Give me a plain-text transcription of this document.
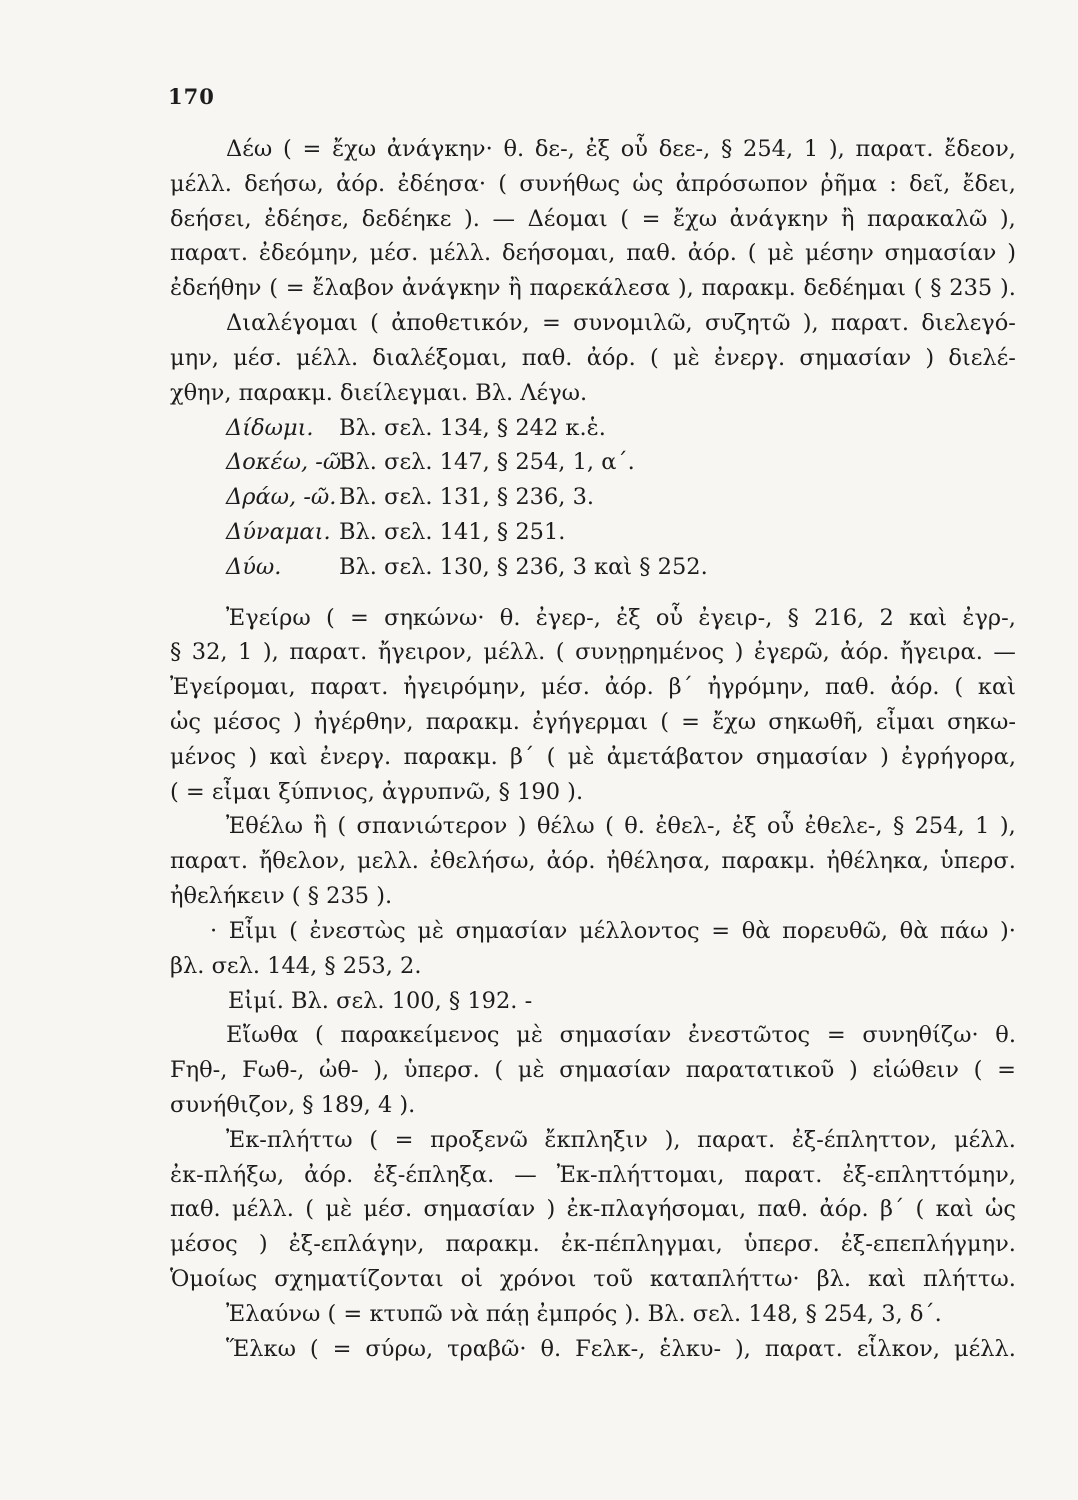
170
Δέω ( = ἔχω ἀνάγκην· θ. δε-, ἐξ οὗ δεε-, § 254, 1 ), παρατ. ἔδεον,
μέλλ. δεήσω, ἀόρ. ἐδέησα· ( συνήθως ὡς ἀπρόσωπον ῥῆμα : δεῖ, ἔδει,
δεήσει, ἐδέησε, δεδέηκε ). — Δέομαι ( = ἔχω ἀνάγκην ἢ παρακαλῶ ),
παρατ. ἐδεόμην, μέσ. μέλλ. δεήσομαι, παθ. ἀόρ. ( μὲ μέσην σημασίαν )
ἐδεήθην ( = ἔλαβον ἀνάγκην ἢ παρεκάλεσα ), παρακμ. δεδέημαι ( § 235 ).
Διαλέγομαι ( ἀποθετικόν, = συνομιλῶ, συζητῶ ), παρατ. διελεγό-
μην, μέσ. μέλλ. διαλέξομαι, παθ. ἀόρ. ( μὲ ἐνεργ. σημασίαν ) διελέ-
χθην, παρακμ. διείλεγμαι. Βλ. Λέγω.
Δίδωμι.	Βλ. σελ. 134, § 242 κ.ἑ.
Δοκέω, -ῶ.
Βλ. σελ. 147, § 254, 1, α΄.
Δράω, -ῶ. Βλ. σελ. 131, § 236, 3.
Δύναμαι. Βλ. σελ. 141, § 251.
Δύω.	Βλ. σελ. 130, § 236, 3 καὶ § 252.
Ἐγείρω ( = σηκώνω· θ. ἐγερ-, ἐξ οὗ ἐγειρ-, § 216, 2 καὶ ἐγρ-,
§ 32, 1 ), παρατ. ἤγειρον, μέλλ. ( συνῃρημένος ) ἐγερῶ, ἀόρ. ἤγειρα. —
Ἐγείρομαι, παρατ. ἠγειρόμην, μέσ. ἀόρ. β΄ ἠγρόμην, παθ. ἀόρ. ( καὶ
ὡς μέσος ) ἠγέρθην, παρακμ. ἐγήγερμαι ( = ἔχω σηκωθῆ, εἶμαι σηκω-
μένος ) καὶ ἐνεργ. παρακμ. β΄ ( μὲ ἀμετάβατον σημασίαν ) ἐγρήγορα,
( = εἶμαι ξύπνιος, ἀγρυπνῶ, § 190 ).
Ἐθέλω ἢ ( σπανιώτερον ) θέλω ( θ. ἐθελ-, ἐξ οὗ ἐθελε-, § 254, 1 ),
παρατ. ἤθελον, μελλ. ἐθελήσω, ἀόρ. ἠθέλησα, παρακμ. ἠθέληκα, ὑπερσ.
ἠθελήκειν ( § 235 ).
· Εἶμι ( ἐνεστὼς μὲ σημασίαν μέλλοντος = θὰ πορευθῶ, θὰ πάω )·
βλ. σελ. 144, § 253, 2.
Εἰμί. Βλ. σελ. 100, § 192. -
Εἴωθα ( παρακείμενος μὲ σημασίαν ἐνεστῶτος = συνηθίζω· θ.
Ϝηθ-, Ϝωθ-, ὠθ- ), ὑπερσ. ( μὲ σημασίαν παρατατικοῦ ) εἰώθειν ( =
συνήθιζον, § 189, 4 ).
Ἐκ-πλήττω ( = προξενῶ ἔκπληξιν ), παρατ. ἐξ-έπληττον, μέλλ.
ἐκ-πλήξω, ἀόρ. ἐξ-έπληξα. — Ἐκ-πλήττομαι, παρατ. ἐξ-επληττόμην,
παθ. μέλλ. ( μὲ μέσ. σημασίαν ) ἐκ-πλαγήσομαι, παθ. ἀόρ. β΄ ( καὶ ὡς
μέσος ) ἐξ-επλάγην, παρακμ. ἐκ-πέπληγμαι, ὑπερσ. ἐξ-επεπλήγμην.
Ὁμοίως σχηματίζονται οἱ χρόνοι τοῦ καταπλήττω· βλ. καὶ πλήττω.
Ἐλαύνω ( = κτυπῶ νὰ πάῃ ἐμπρός ). Βλ. σελ. 148, § 254, 3, δ΄.
Ἕλκω ( = σύρω, τραβῶ· θ. Ϝελκ-, ἑλκυ- ), παρατ. εἷλκον, μέλλ.
